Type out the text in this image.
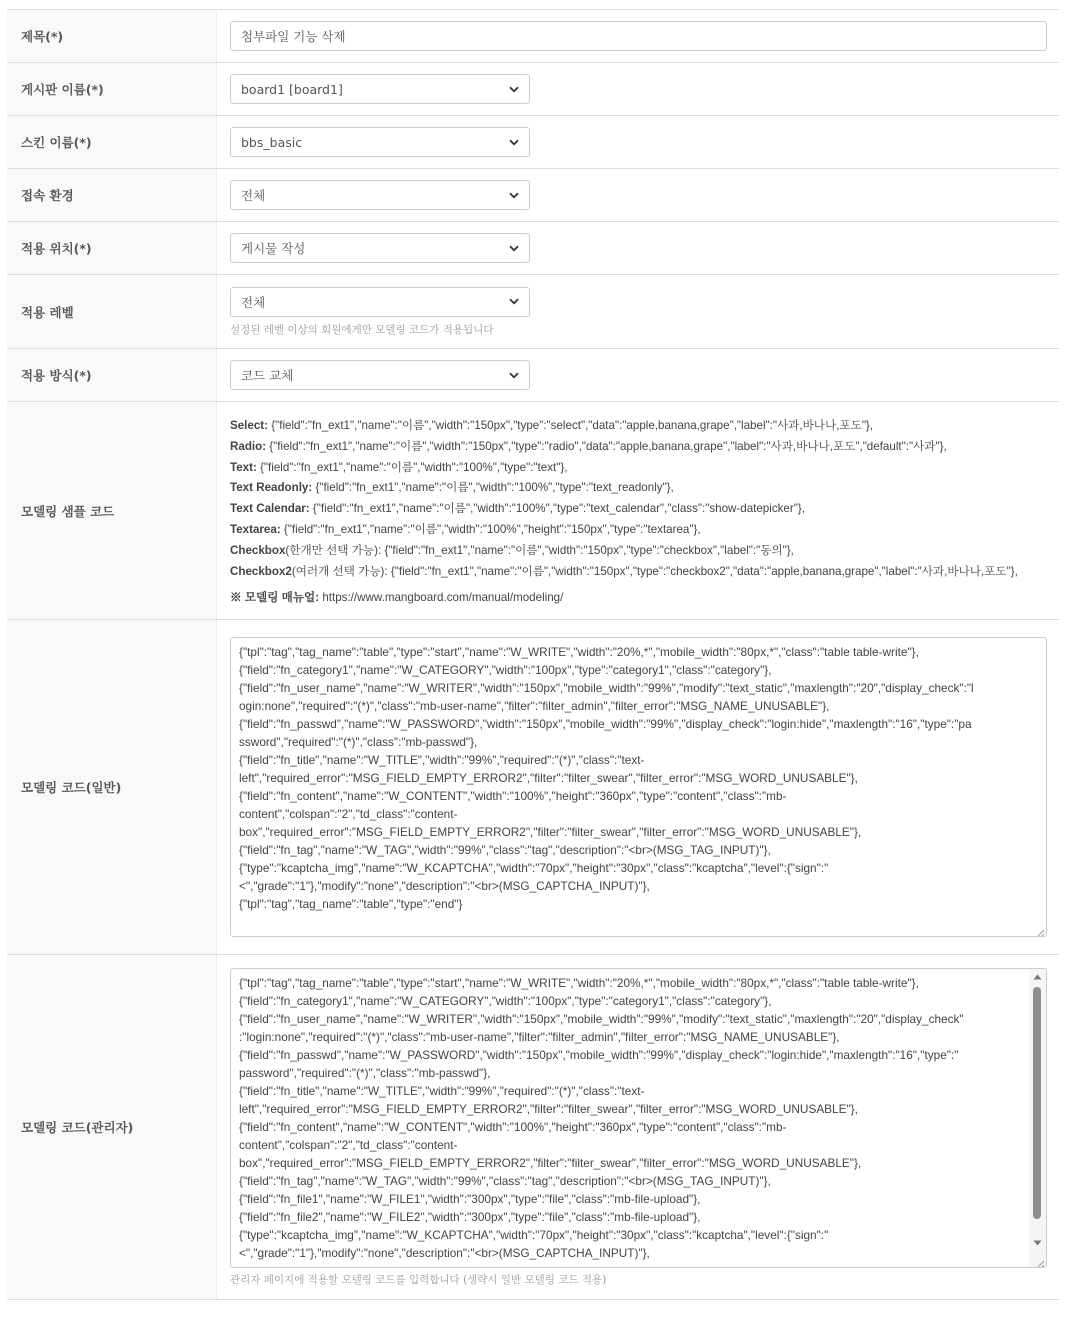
제목(*)	첨부파일 기능 삭제

게시판 이름(*)	board1 [board1]

스킨 이름(*)	bbs_basic

접속 환경	전체

적용 위치(*)	게시물 작성

적용 레벨	전체
설정된 레벨 이상의 회원에게만 모델링 코드가 적용됩니다

적용 방식(*)	코드 교체

모델링 샘플 코드	
Select: {"field":"fn_ext1","name":"이름","width":"150px","type":"select","data":"apple,banana,grape","label":"사과,바나나,포도"},
Radio: {"field":"fn_ext1","name":"이름","width":"150px","type":"radio","data":"apple,banana,grape","label":"사과,바나나,포도","default":"사과"},
Text: {"field":"fn_ext1","name":"이름","width":"100%","type":"text"},
Text Readonly: {"field":"fn_ext1","name":"이름","width":"100%","type":"text_readonly"},
Text Calendar: {"field":"fn_ext1","name":"이름","width":"100%","type":"text_calendar","class":"show-datepicker"},
Textarea: {"field":"fn_ext1","name":"이름","width":"100%","height":"150px","type":"textarea"},
Checkbox(한개만 선택 가능): {"field":"fn_ext1","name":"이름","width":"150px","type":"checkbox","label":"동의"},
Checkbox2(여러개 선택 가능): {"field":"fn_ext1","name":"이름","width":"150px","type":"checkbox2","data":"apple,banana,grape","label":"사과,바나나,포도"},
※ 모델링 매뉴얼: https://www.mangboard.com/manual/modeling/

모델링 코드(일반)	
{"tpl":"tag","tag_name":"table","type":"start","name":"W_WRITE","width":"20%,*","mobile_width":"80px,*","class":"table table-write"},
{"field":"fn_category1","name":"W_CATEGORY","width":"100px","type":"category1","class":"category"},
{"field":"fn_user_name","name":"W_WRITER","width":"150px","mobile_width":"99%","modify":"text_static","maxlength":"20","display_check":"l
ogin:none","required":"(*)","class":"mb-user-name","filter":"filter_admin","filter_error":"MSG_NAME_UNUSABLE"},
{"field":"fn_passwd","name":"W_PASSWORD","width":"150px","mobile_width":"99%","display_check":"login:hide","maxlength":"16","type":"pa
ssword","required":"(*)","class":"mb-passwd"},
{"field":"fn_title","name":"W_TITLE","width":"99%","required":"(*)","class":"text-
left","required_error":"MSG_FIELD_EMPTY_ERROR2","filter":"filter_swear","filter_error":"MSG_WORD_UNUSABLE"},
{"field":"fn_content","name":"W_CONTENT","width":"100%","height":"360px","type":"content","class":"mb-
content","colspan":"2","td_class":"content-
box","required_error":"MSG_FIELD_EMPTY_ERROR2","filter":"filter_swear","filter_error":"MSG_WORD_UNUSABLE"},
{"field":"fn_tag","name":"W_TAG","width":"99%","class":"tag","description":"<br>(MSG_TAG_INPUT)"},
{"type":"kcaptcha_img","name":"W_KCAPTCHA","width":"70px","height":"30px","class":"kcaptcha","level":{"sign":"
<","grade":"1"},"modify":"none","description":"<br>(MSG_CAPTCHA_INPUT)"},
{"tpl":"tag","tag_name":"table","type":"end"}

모델링 코드(관리자)	
{"tpl":"tag","tag_name":"table","type":"start","name":"W_WRITE","width":"20%,*","mobile_width":"80px,*","class":"table table-write"},
{"field":"fn_category1","name":"W_CATEGORY","width":"100px","type":"category1","class":"category"},
{"field":"fn_user_name","name":"W_WRITER","width":"150px","mobile_width":"99%","modify":"text_static","maxlength":"20","display_check"
:"login:none","required":"(*)","class":"mb-user-name","filter":"filter_admin","filter_error":"MSG_NAME_UNUSABLE"},
{"field":"fn_passwd","name":"W_PASSWORD","width":"150px","mobile_width":"99%","display_check":"login:hide","maxlength":"16","type":"
password","required":"(*)","class":"mb-passwd"},
{"field":"fn_title","name":"W_TITLE","width":"99%","required":"(*)","class":"text-
left","required_error":"MSG_FIELD_EMPTY_ERROR2","filter":"filter_swear","filter_error":"MSG_WORD_UNUSABLE"},
{"field":"fn_content","name":"W_CONTENT","width":"100%","height":"360px","type":"content","class":"mb-
content","colspan":"2","td_class":"content-
box","required_error":"MSG_FIELD_EMPTY_ERROR2","filter":"filter_swear","filter_error":"MSG_WORD_UNUSABLE"},
{"field":"fn_tag","name":"W_TAG","width":"99%","class":"tag","description":"<br>(MSG_TAG_INPUT)"},
{"field":"fn_file1","name":"W_FILE1","width":"300px","type":"file","class":"mb-file-upload"},
{"field":"fn_file2","name":"W_FILE2","width":"300px","type":"file","class":"mb-file-upload"},
{"type":"kcaptcha_img","name":"W_KCAPTCHA","width":"70px","height":"30px","class":"kcaptcha","level":{"sign":"
<","grade":"1"},"modify":"none","description":"<br>(MSG_CAPTCHA_INPUT)"},
관리자 페이지에 적용할 모델링 코드를 입력합니다 (생략시 일반 모델링 코드 적용)
